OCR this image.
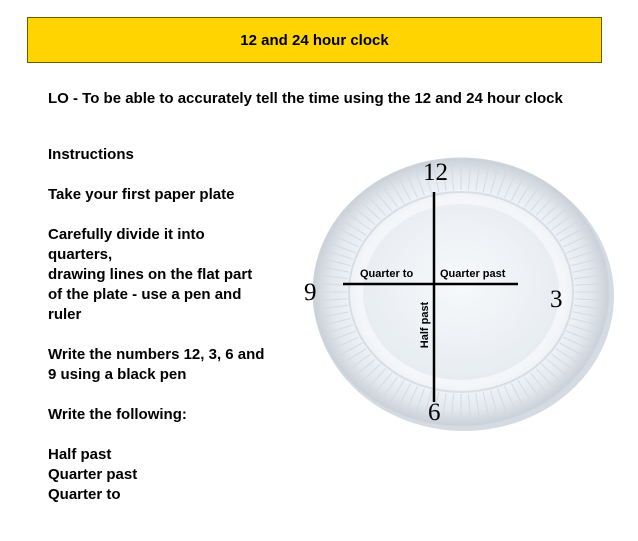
12 and 24 hour clock

LO - To be able to accurately tell the time using the 12 and 24 hour clock

Instructions

Take your first paper plate

Carefully divide it into

quarters,

drawing lines on the flat part

of the plate - use a pen and

ruler

Write the numbers 12, 3, 6 and

9 using a black pen

Write the following:

Half past

Quarter past

Quarter to

12
3
6
9
Quarter to Quarter past
Half past
